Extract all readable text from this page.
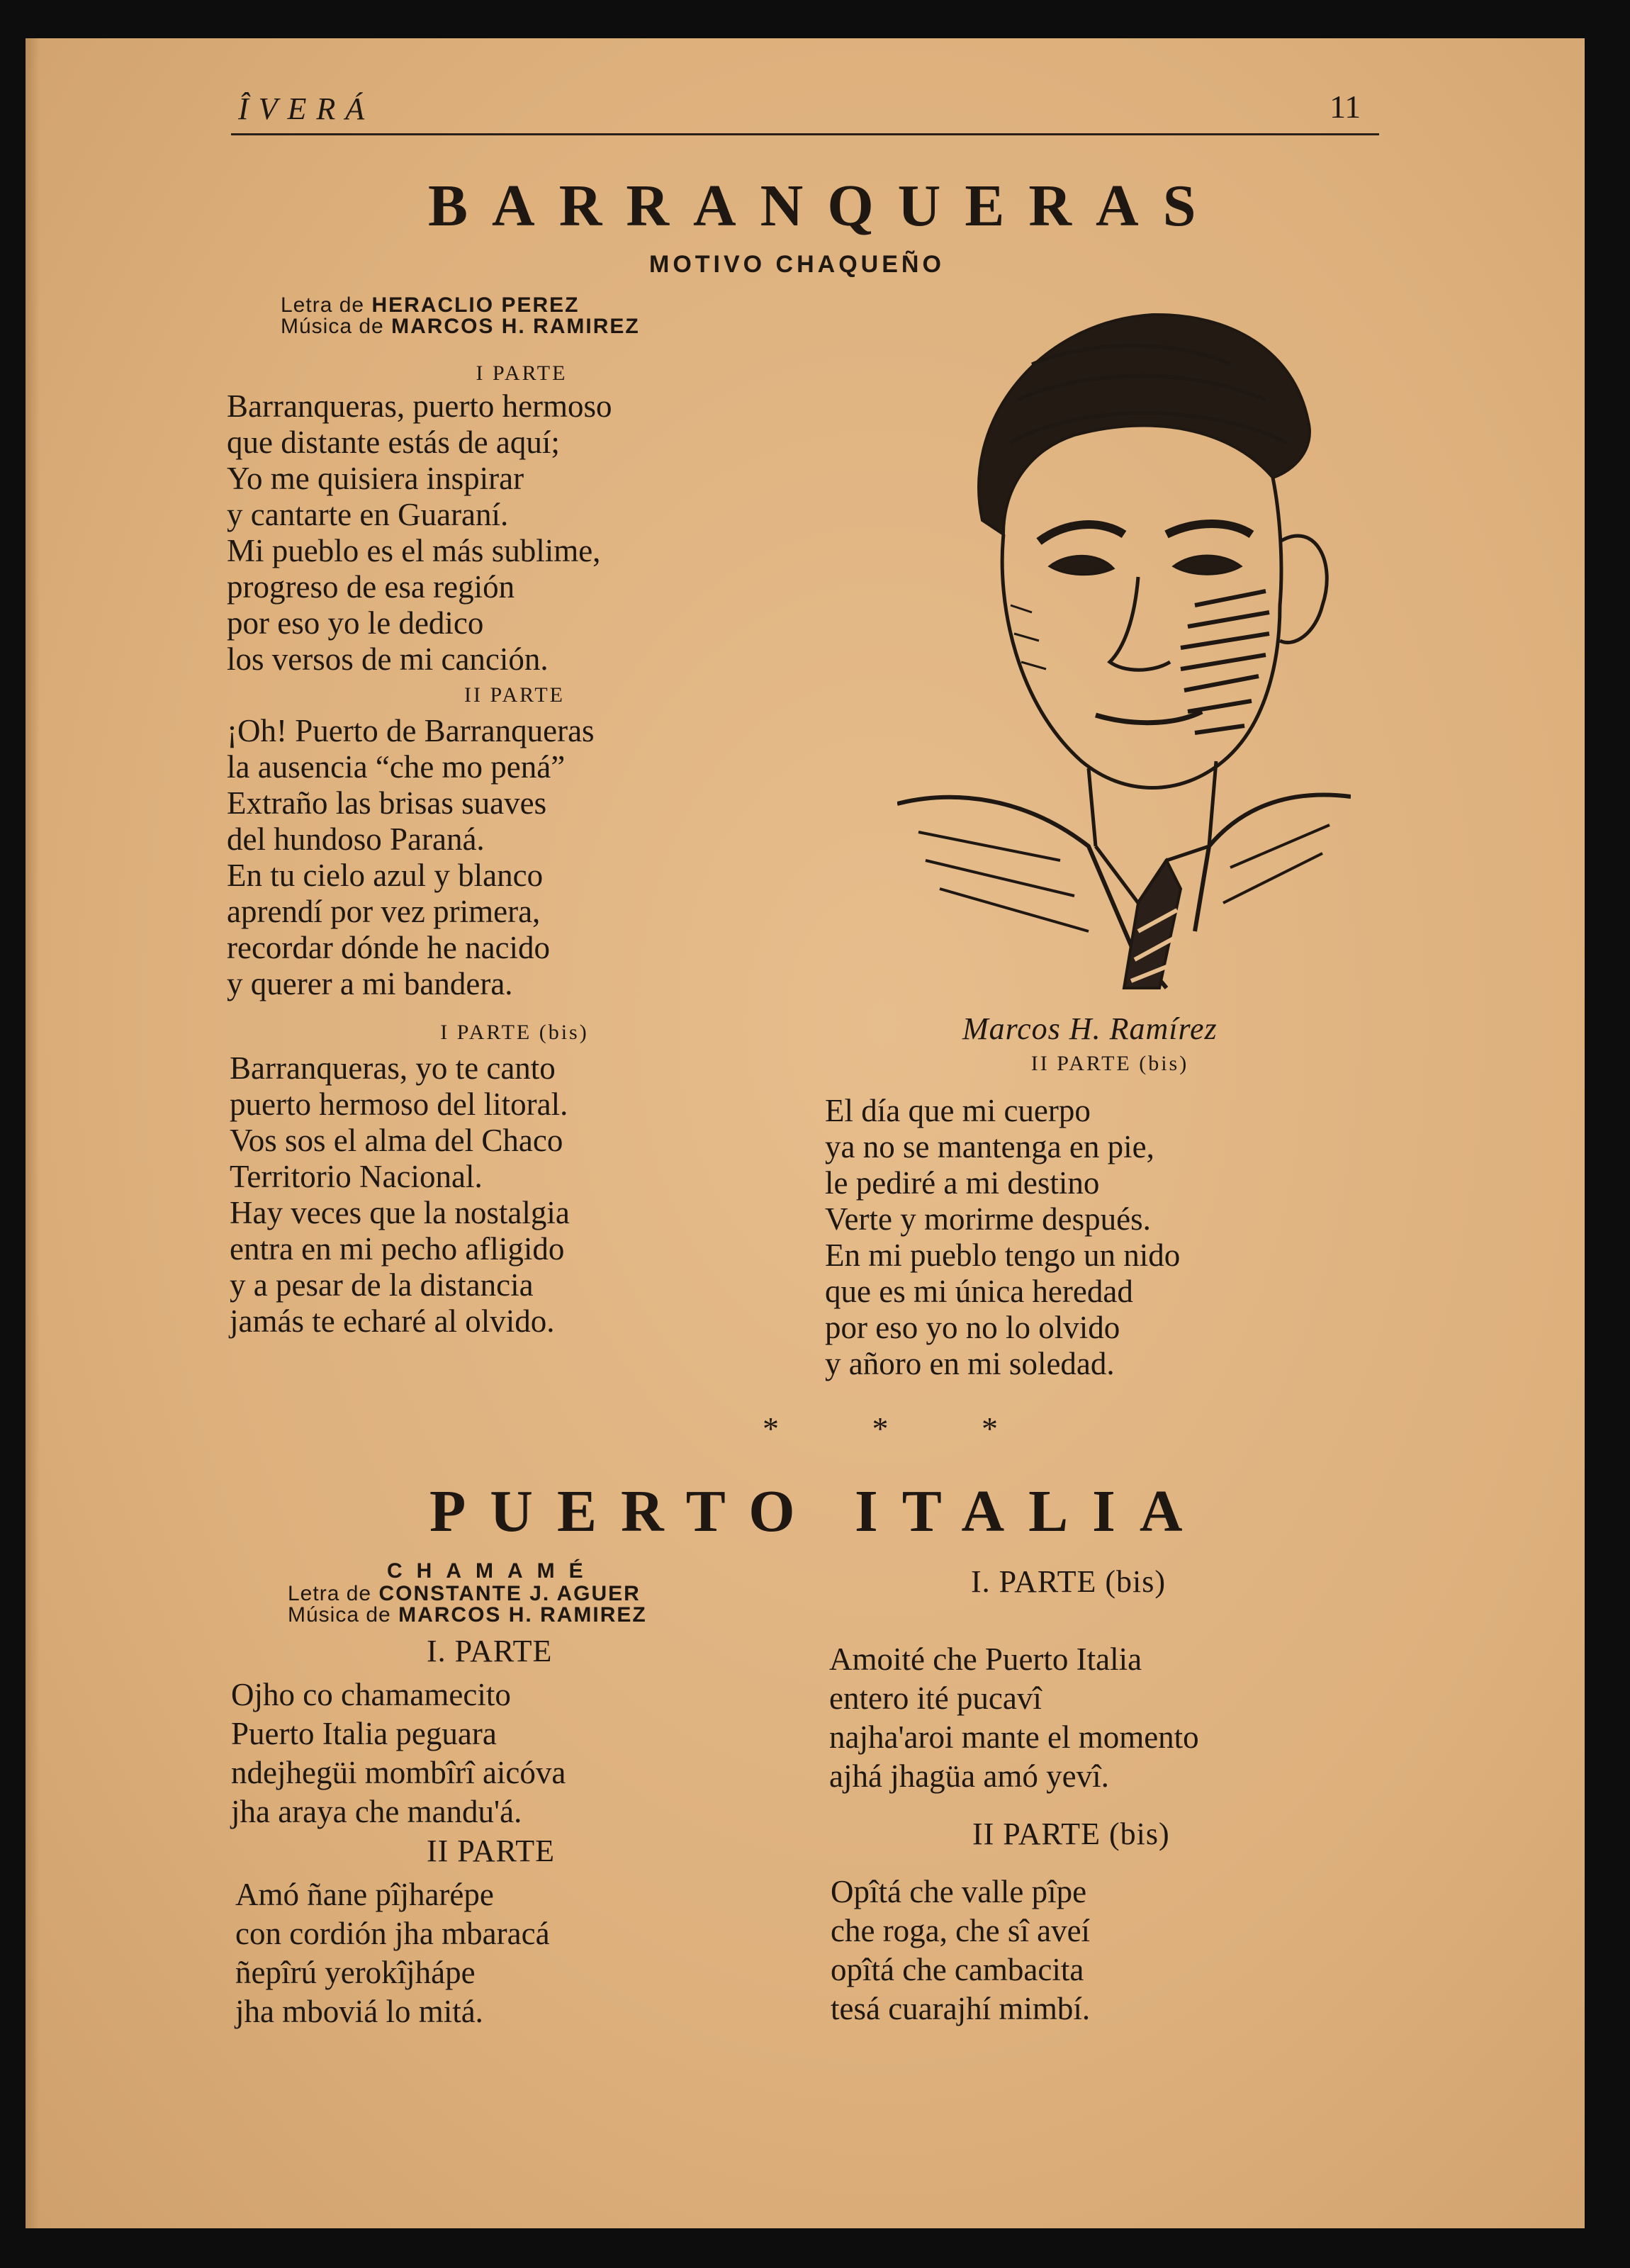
ÎVERÁ	11
BARRANQUERAS
MOTIVO CHAQUEÑO
Letra de HERACLIO PEREZ
Música de MARCOS H. RAMIREZ
I PARTE
Barranqueras, puerto hermoso
que distante estás de aquí;
Yo me quisiera inspirar
y cantarte en Guaraní.
Mi pueblo es el más sublime,
progreso de esa región
por eso yo le dedico
los versos de mi canción.
II PARTE
¡Oh! Puerto de Barranqueras
la ausencia “che mo pená”
Extraño las brisas suaves
del hundoso Paraná.
En tu cielo azul y blanco
aprendí por vez primera,
recordar dónde he nacido
y querer a mi bandera.
I PARTE (bis)
Barranqueras, yo te canto
puerto hermoso del litoral.
Vos sos el alma del Chaco
Territorio Nacional.
Hay veces que la nostalgia
entra en mi pecho afligido
y a pesar de la distancia
jamás te echaré al olvido.
Marcos H. Ramírez
II PARTE (bis)
El día que mi cuerpo
ya no se mantenga en pie,
le pediré a mi destino
Verte y morirme después.
En mi pueblo tengo un nido
que es mi única heredad
por eso yo no lo olvido
y añoro en mi soledad.
* * *
PUERTO ITALIA
CHAMAMÉ
Letra de CONSTANTE J. AGUER
Música de MARCOS H. RAMIREZ
I. PARTE
Ojho co chamamecito
Puerto Italia peguara
ndejhegüi mombîrî aicóva
jha araya che mandu'á.
II PARTE
Amó ñane pîjharépe
con cordión jha mbaracá
ñepîrú yerokîjhápe
jha mboviá lo mitá.
I. PARTE (bis)
Amoité che Puerto Italia
entero ité pucavî
najha'aroi mante el momento
ajhá jhagüa amó yevî.
II PARTE (bis)
Opîtá che valle pîpe
che roga, che sî aveí
opîtá che cambacita
tesá cuarajhí mimbí.
